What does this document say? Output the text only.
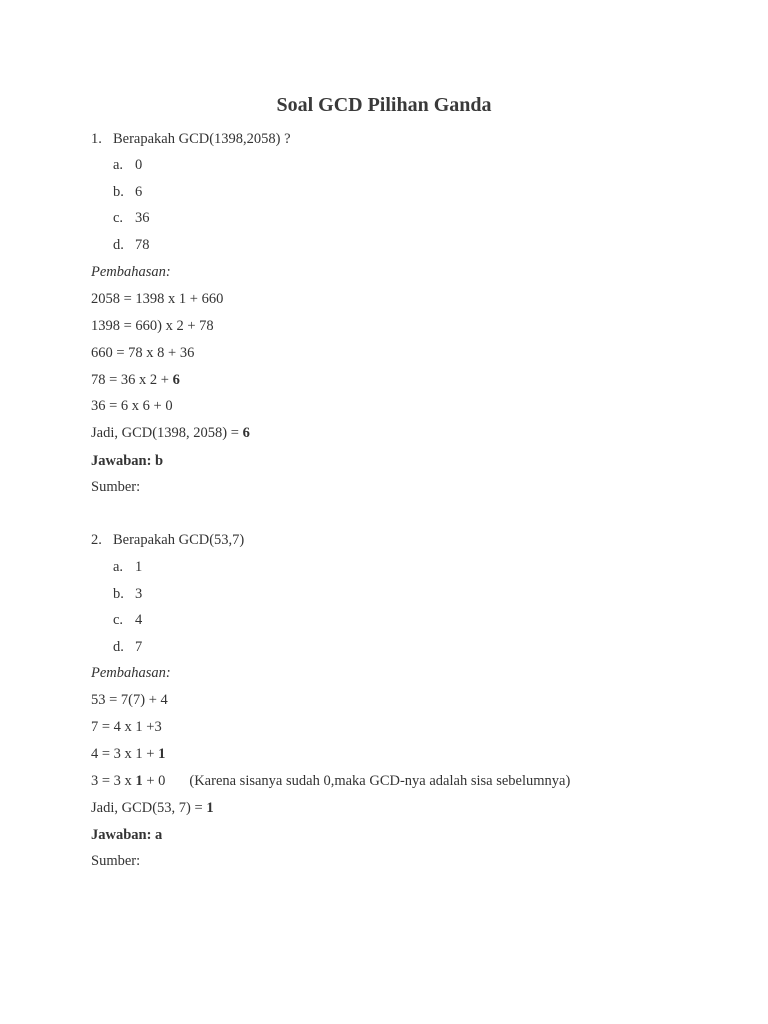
Soal GCD Pilihan Ganda
1. Berapakah GCD(1398,2058) ?
a. 0
b. 6
c. 36
d. 78
Pembahasan:
2058 = 1398 x 1 + 660
1398 = 660) x 2 + 78
660 = 78 x 8 + 36
78 = 36 x 2 + 6
36 = 6 x 6 + 0
Jadi, GCD(1398, 2058) = 6
Jawaban: b
Sumber:
2. Berapakah GCD(53,7)
a. 1
b. 3
c. 4
d. 7
Pembahasan:
53 = 7(7) + 4
7 = 4 x 1 +3
4 = 3 x 1 + 1
3 = 3 x 1 + 0 (Karena sisanya sudah 0,maka GCD-nya adalah sisa sebelumnya)
Jadi, GCD(53, 7) = 1
Jawaban: a
Sumber:
